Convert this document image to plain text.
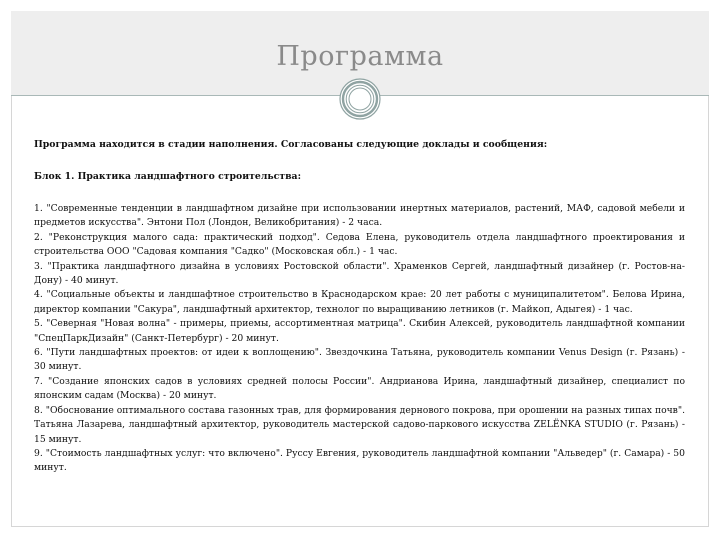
Программа

Программа находится в стадии наполнения. Согласованы следующие доклады и сообщения:

Блок 1. Практика ландшафтного строительства:

1. "Современные тенденции в ландшафтном дизайне при использовании инертных материалов, растений, МАФ, садовой мебели и предметов искусства". Энтони Пол (Лондон, Великобритания) - 2 часа.
2. "Реконструкция малого сада: практический подход". Седова Елена, руководитель отдела ландшафтного проектирования и строительства ООО "Садовая компания "Садко" (Московская обл.) - 1 час.
3. "Практика ландшафтного дизайна в условиях Ростовской области". Храменков Сергей, ландшафтный дизайнер (г. Ростов-на-Дону) - 40 минут.
4. "Социальные объекты и ландшафтное строительство в Краснодарском крае: 20 лет работы с муниципалитетом". Белова Ирина, директор компании "Сакура", ландшафтный архитектор, технолог по выращиванию летников (г. Майкоп, Адыгея) - 1 час.
5. "Северная "Новая волна" - примеры, приемы, ассортиментная матрица". Скибин Алексей, руководитель ландшафтной компании "СпецПаркДизайн" (Санкт-Петербург) - 20 минут.
6. "Пути ландшафтных проектов: от идеи к воплощению". Звездочкина Татьяна, руководитель компании Venus Design (г. Рязань) - 30 минут.
7. "Создание японских садов в условиях средней полосы России". Андрианова Ирина, ландшафтный дизайнер, специалист по японским садам (Москва) - 20 минут.
8. "Обоснование оптимального состава газонных трав, для формирования дернового покрова, при орошении на разных типах почв". Татьяна Лазарева, ландшафтный архитектор, руководитель мастерской садово-паркового искусства ZELЁNKA STUDIO (г. Рязань) - 15 минут.
9. "Стоимость ландшафтных услуг: что включено". Руссу Евгения, руководитель ландшафтной компании "Альведер" (г. Самара) - 50 минут.
